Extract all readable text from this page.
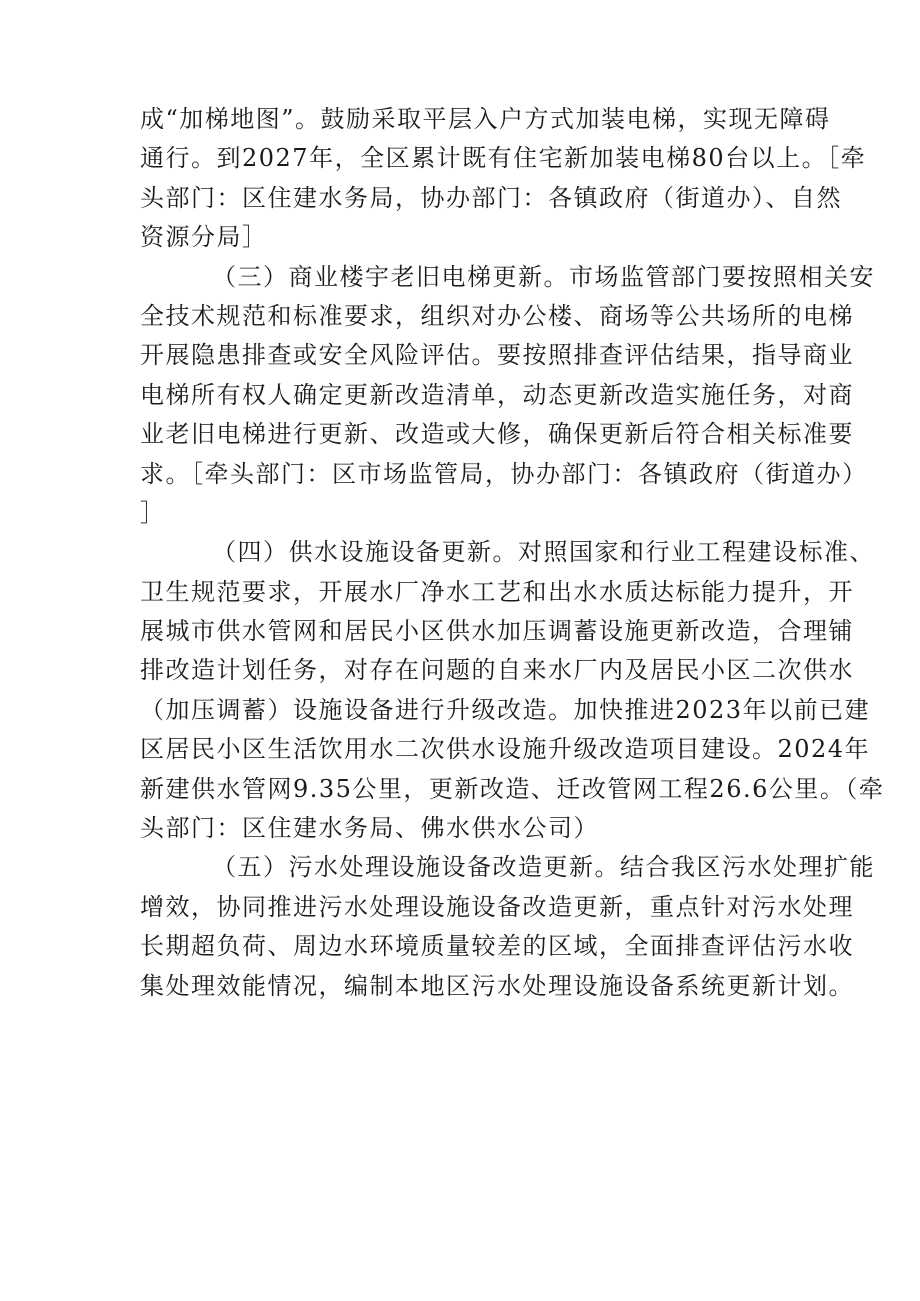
成“加梯地图”。鼓励采取平层入户方式加装电梯，实现无障碍
通行。到2027年，全区累计既有住宅新加装电梯80台以上。［牵
头部门：区住建水务局，协办部门：各镇政府（街道办）、自然
资源分局］
（三）商业楼宇老旧电梯更新。市场监管部门要按照相关安
全技术规范和标准要求，组织对办公楼、商场等公共场所的电梯
开展隐患排查或安全风险评估。要按照排查评估结果，指导商业
电梯所有权人确定更新改造清单，动态更新改造实施任务，对商
业老旧电梯进行更新、改造或大修，确保更新后符合相关标准要
求。［牵头部门：区市场监管局，协办部门：各镇政府（街道办）
］
（四）供水设施设备更新。对照国家和行业工程建设标准、
卫生规范要求，开展水厂净水工艺和出水水质达标能力提升，开
展城市供水管网和居民小区供水加压调蓄设施更新改造，合理铺
排改造计划任务，对存在问题的自来水厂内及居民小区二次供水
（加压调蓄）设施设备进行升级改造。加快推进2023年以前已建
区居民小区生活饮用水二次供水设施升级改造项目建设。2024年
新建供水管网9.35公里，更新改造、迁改管网工程26.6公里。（牵
头部门：区住建水务局、佛水供水公司）
（五）污水处理设施设备改造更新。结合我区污水处理扩能
增效，协同推进污水处理设施设备改造更新，重点针对污水处理
长期超负荷、周边水环境质量较差的区域，全面排查评估污水收
集处理效能情况，编制本地区污水处理设施设备系统更新计划。
